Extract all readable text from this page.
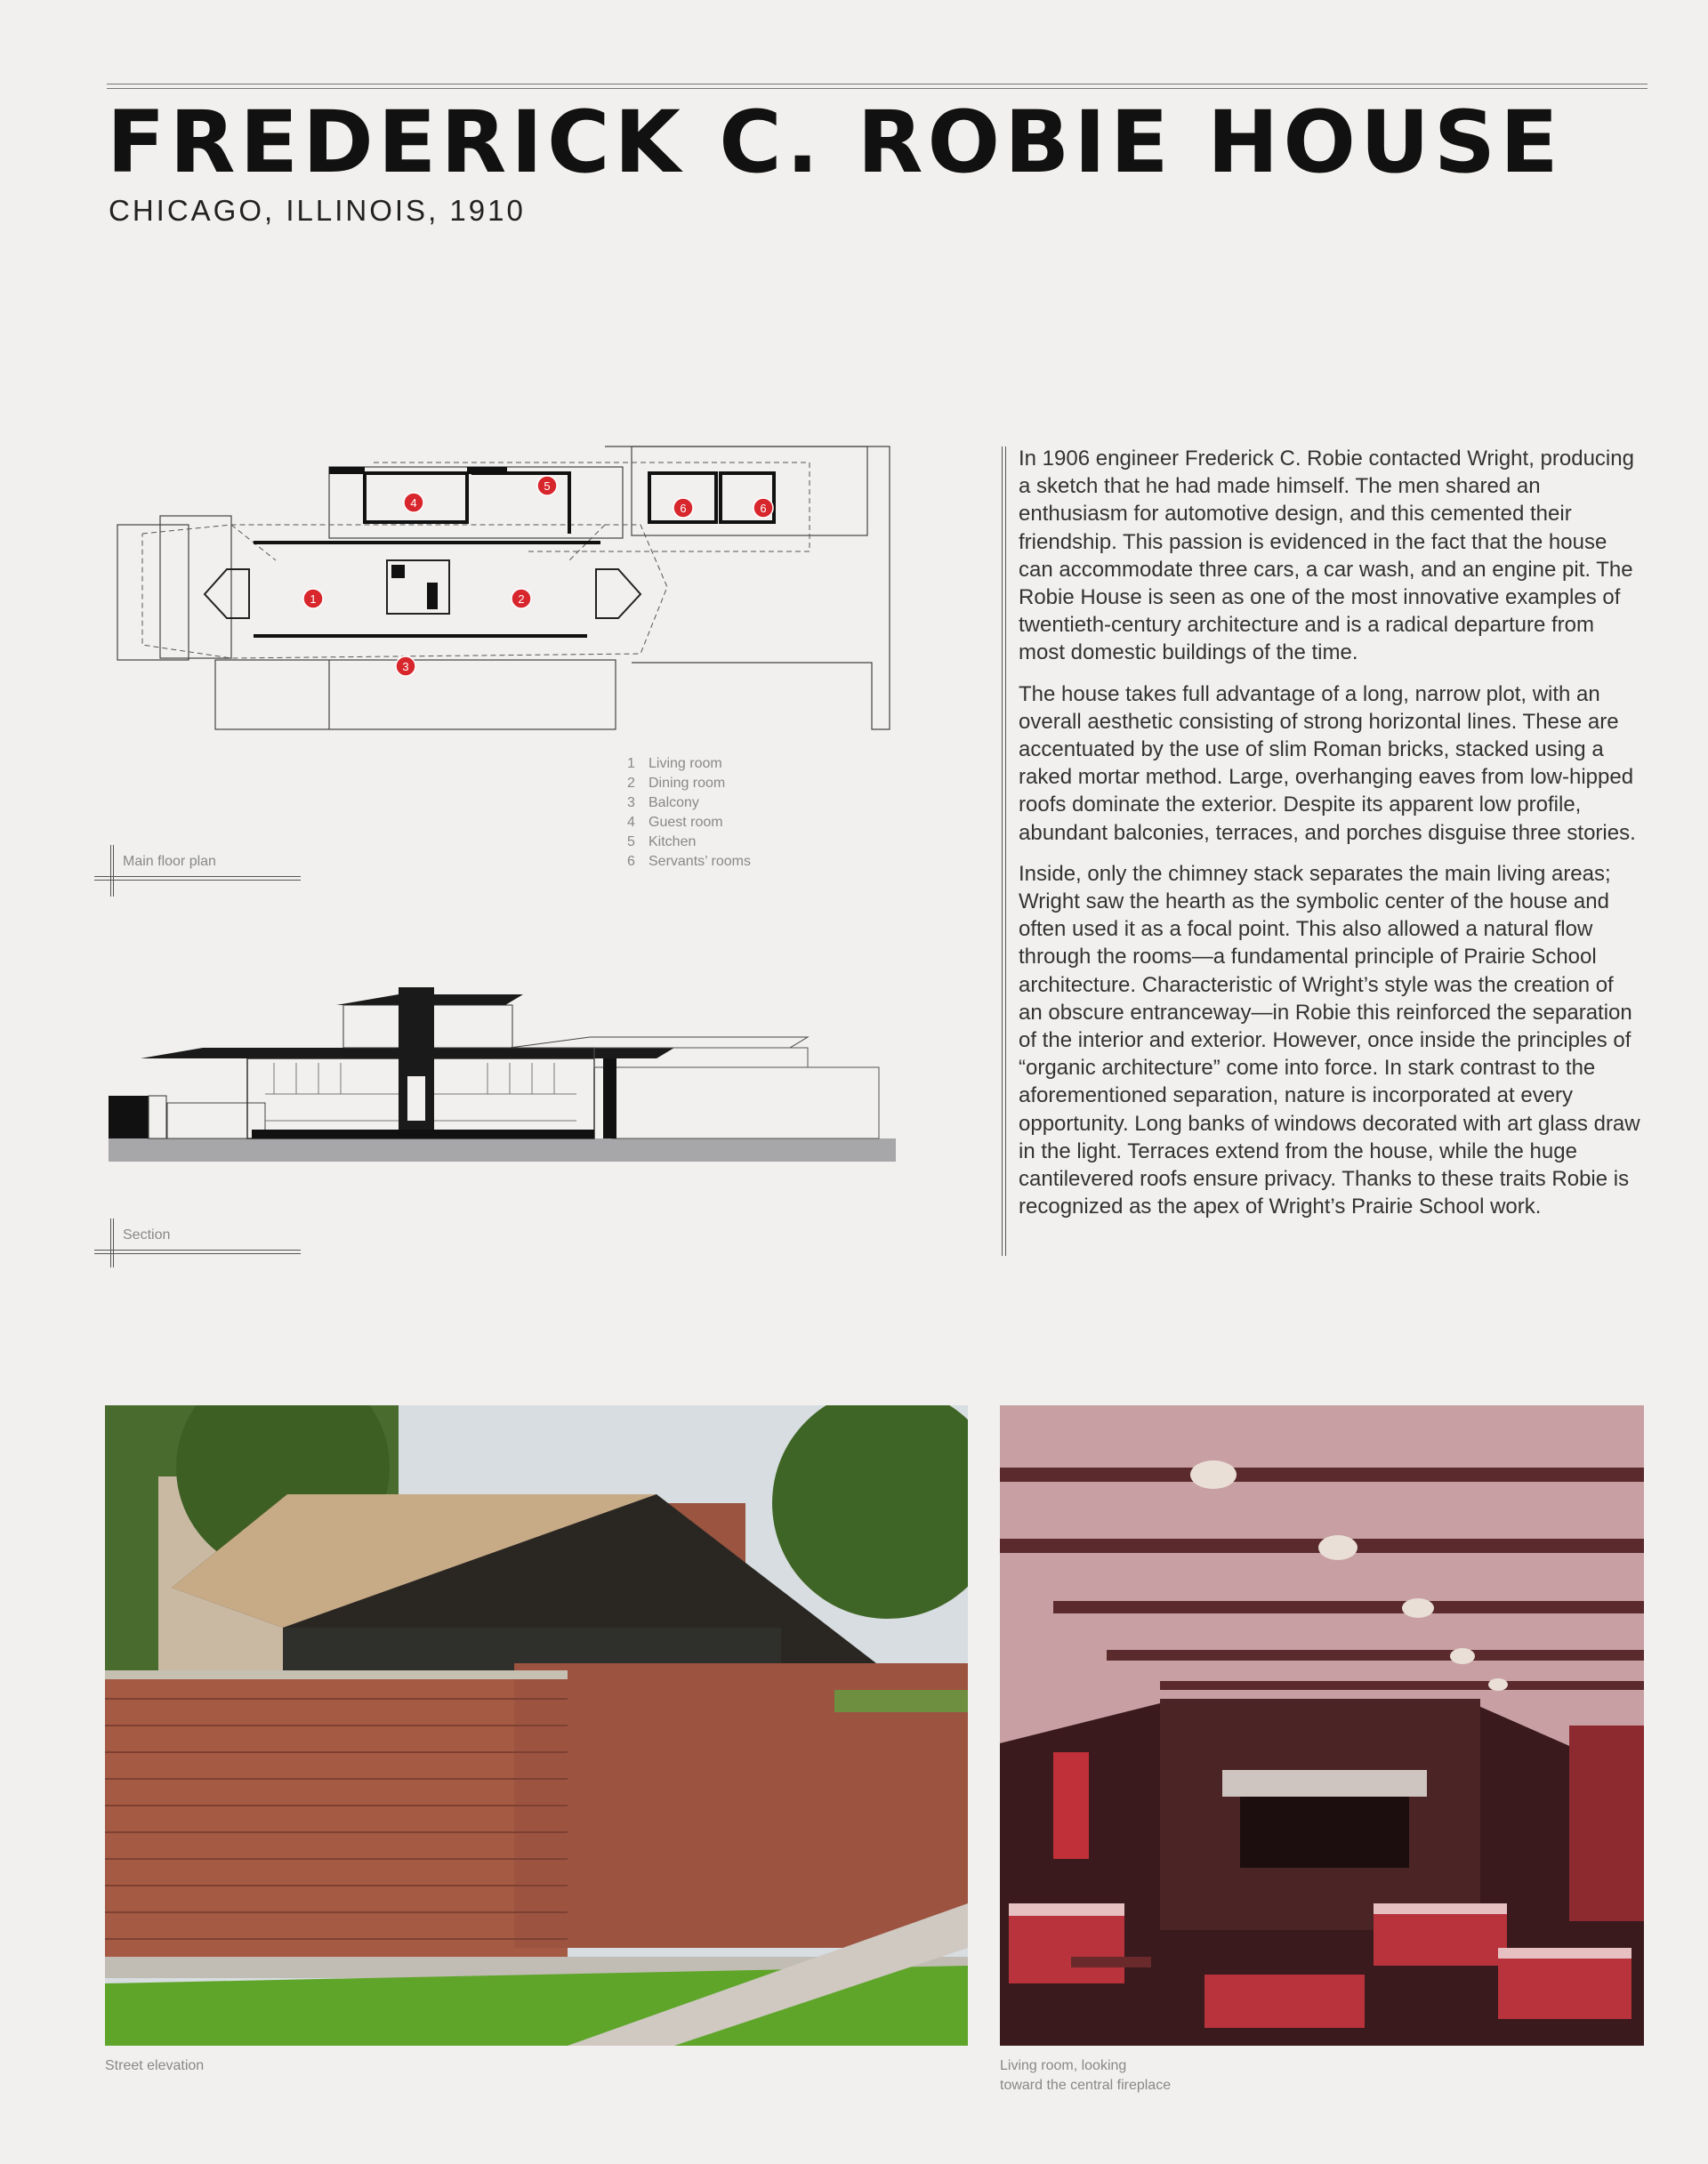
FREDERICK C. ROBIE HOUSE
CHICAGO, ILLINOIS, 1910
1	2
3
4
5
6	6
1 Living room
2 Dining room
3 Balcony
4 Guest room
5 Kitchen
6 Servants’ rooms
Main floor plan
Section

In 1906 engineer Frederick C. Robie contacted Wright, producing a sketch that he had made himself. The men shared an enthusiasm for automotive design, and this cemented their friendship. This passion is evidenced in the fact that the house can accommodate three cars, a car wash, and an engine pit. The Robie House is seen as one of the most innovative examples of twentieth-century architecture and is a radical departure from most domestic buildings of the time.

The house takes full advantage of a long, narrow plot, with an overall aesthetic consisting of strong horizontal lines. These are accentuated by the use of slim Roman bricks, stacked using a raked mortar method. Large, overhanging eaves from low-hipped roofs dominate the exterior. Despite its apparent low profile, abundant balconies, terraces, and porches disguise three stories.

Inside, only the chimney stack separates the main living areas; Wright saw the hearth as the symbolic center of the house and often used it as a focal point. This also allowed a natural flow through the rooms—a fundamental principle of Prairie School architecture. Characteristic of Wright’s style was the creation of an obscure entranceway—in Robie this reinforced the separation of the interior and exterior. However, once inside the principles of “organic architecture” come into force. In stark contrast to the aforementioned separation, nature is incorporated at every opportunity. Long banks of windows decorated with art glass draw in the light. Terraces extend from the house, while the huge cantilevered roofs ensure privacy. Thanks to these traits Robie is recognized as the apex of Wright’s Prairie School work.

Street elevation	Living room, looking
toward the central fireplace
